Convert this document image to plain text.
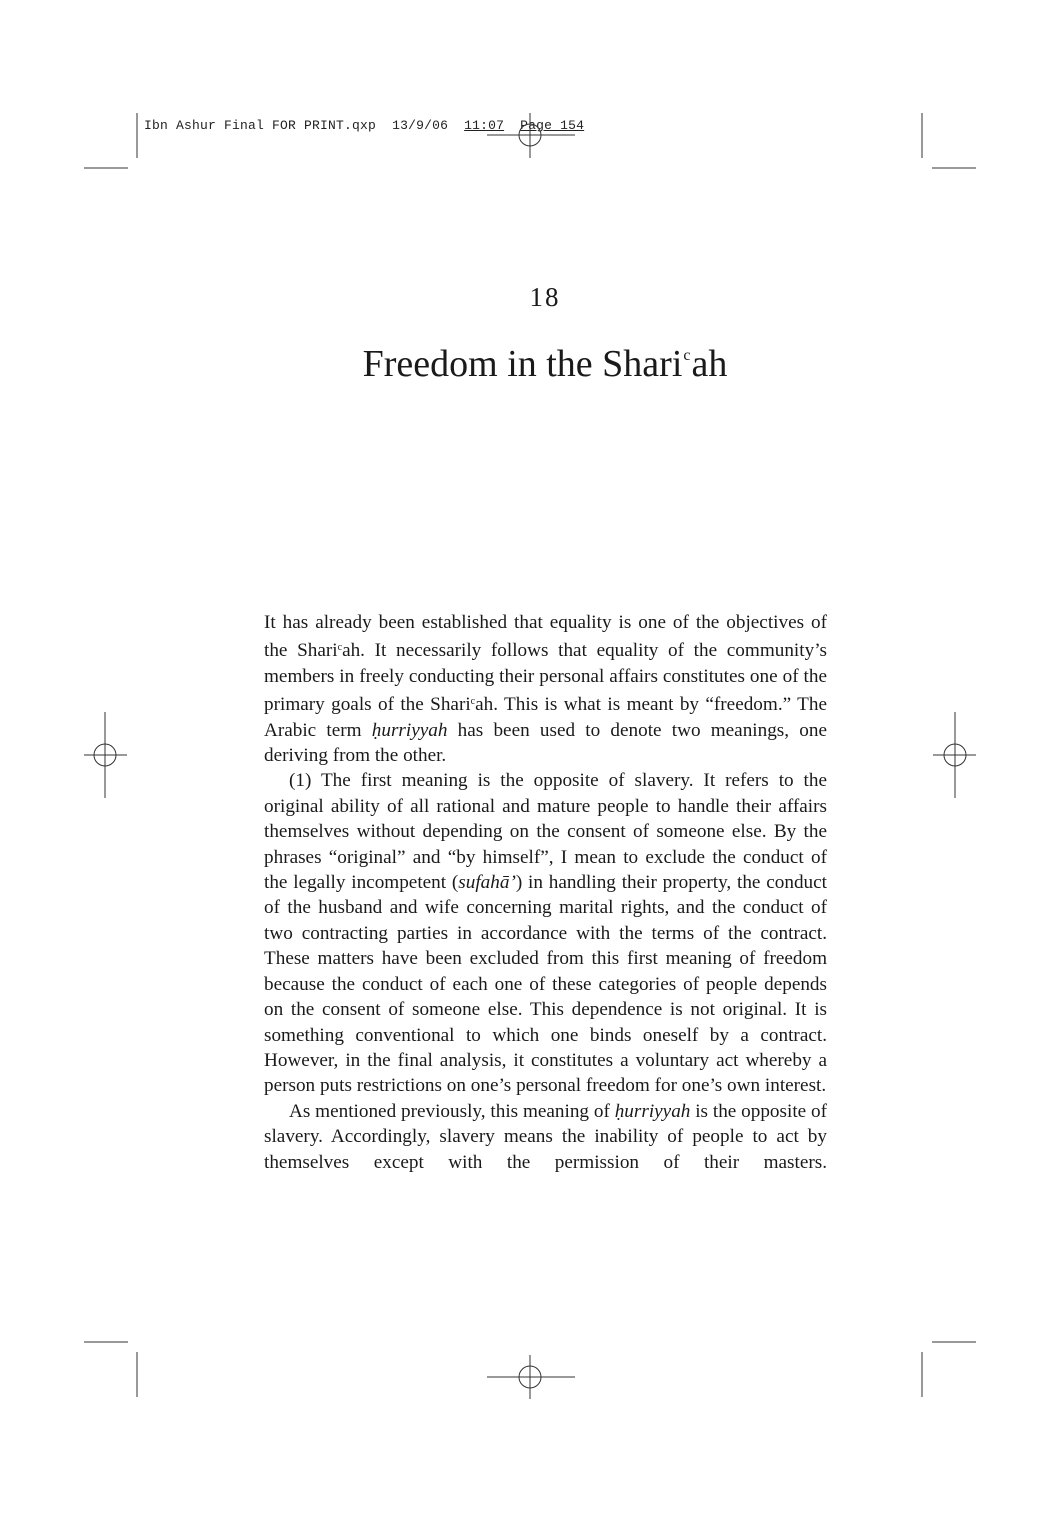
Ibn Ashur Final FOR PRINT.qxp 13/9/06 11:07 Page 154
18
Freedom in the Shari$^c$ah

It has already been established that equality is one of the objectives of the Shari$^c$ah. It necessarily follows that equality of the community’s members in freely conducting their personal affairs constitutes one of the primary goals of the Shari$^c$ah. This is what is meant by “freedom.” The Arabic term ḥurriyyah has been used to denote two meanings, one deriving from the other.

(1) The first meaning is the opposite of slavery. It refers to the original ability of all rational and mature people to handle their affairs themselves without depending on the consent of someone else. By the phrases “original” and “by himself”, I mean to exclude the conduct of the legally incompetent (sufahā’) in handling their property, the conduct of the husband and wife concerning marital rights, and the conduct of two contracting parties in accordance with the terms of the contract. These matters have been excluded from this first meaning of freedom because the conduct of each one of these categories of people depends on the consent of someone else. This dependence is not original. It is something conventional to which one binds oneself by a contract. However, in the final analysis, it constitutes a voluntary act whereby a person puts restrictions on one’s personal freedom for one’s own interest.

As mentioned previously, this meaning of ḥurriyyah is the opposite of slavery. Accordingly, slavery means the inability of people to act by themselves except with the permission of their masters.
